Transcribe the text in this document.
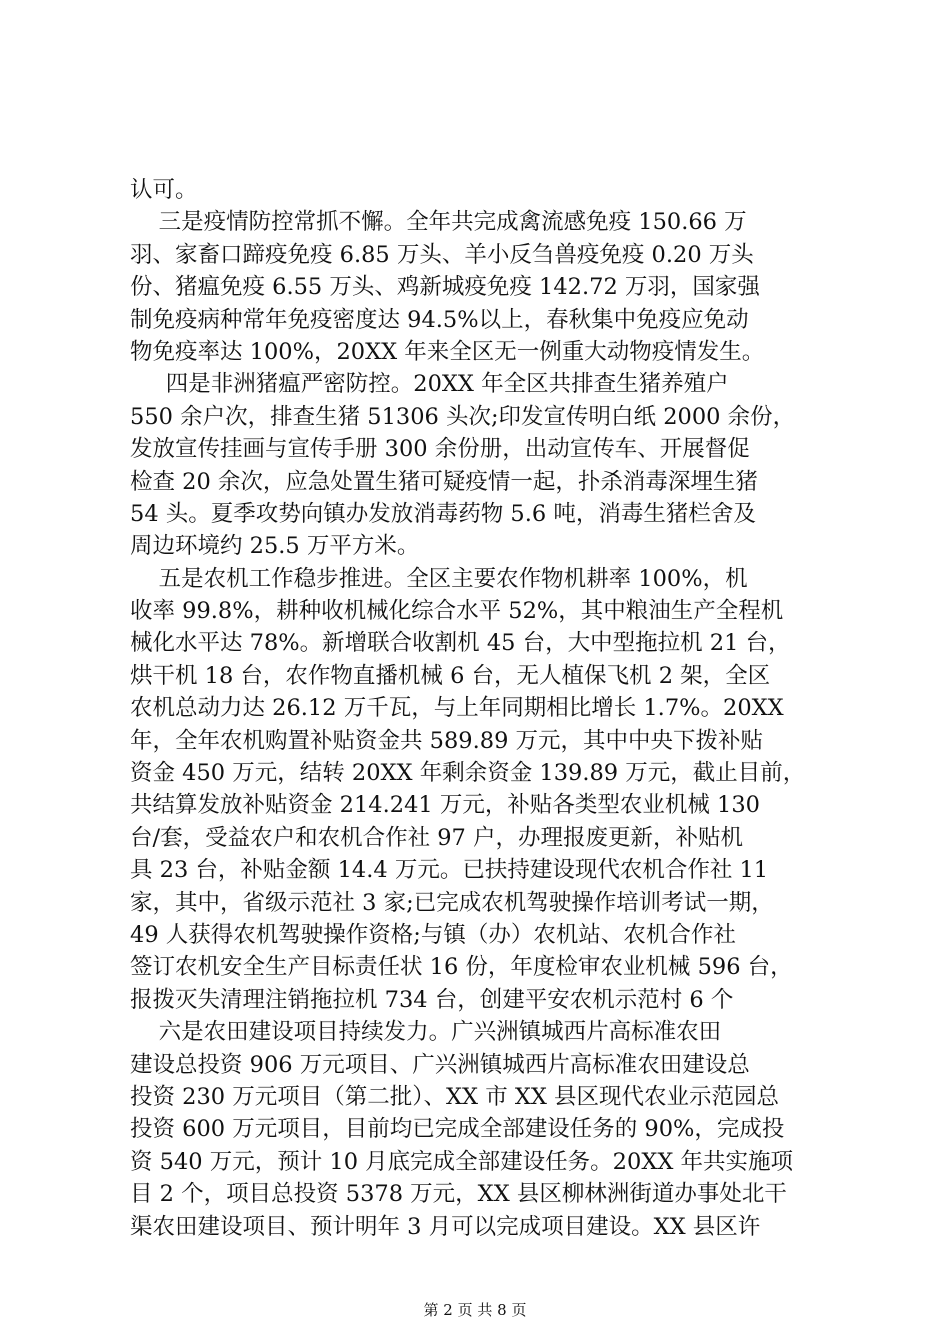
认可。
三是疫情防控常抓不懈。全年共完成禽流感免疫 150.66 万
羽、家畜口蹄疫免疫 6.85 万头、羊小反刍兽疫免疫 0.20 万头
份、猪瘟免疫 6.55 万头、鸡新城疫免疫 142.72 万羽，国家强
制免疫病种常年免疫密度达 94.5%以上，春秋集中免疫应免动
物免疫率达 100%，20XX 年来全区无一例重大动物疫情发生。
四是非洲猪瘟严密防控。20XX 年全区共排查生猪养殖户
550 余户次，排查生猪 51306 头次;印发宣传明白纸 2000 余份，
发放宣传挂画与宣传手册 300 余份册，出动宣传车、开展督促
检查 20 余次，应急处置生猪可疑疫情一起，扑杀消毒深埋生猪
54 头。夏季攻势向镇办发放消毒药物 5.6 吨，消毒生猪栏舍及
周边环境约 25.5 万平方米。
五是农机工作稳步推进。全区主要农作物机耕率 100%，机
收率 99.8%，耕种收机械化综合水平 52%，其中粮油生产全程机
械化水平达 78%。新增联合收割机 45 台，大中型拖拉机 21 台，
烘干机 18 台，农作物直播机械 6 台，无人植保飞机 2 架，全区
农机总动力达 26.12 万千瓦，与上年同期相比增长 1.7%。20XX
年，全年农机购置补贴资金共 589.89 万元，其中中央下拨补贴
资金 450 万元，结转 20XX 年剩余资金 139.89 万元，截止目前，
共结算发放补贴资金 214.241 万元，补贴各类型农业机械 130
台/套，受益农户和农机合作社 97 户，办理报废更新，补贴机
具 23 台，补贴金额 14.4 万元。已扶持建设现代农机合作社 11
家，其中，省级示范社 3 家;已完成农机驾驶操作培训考试一期，
49 人获得农机驾驶操作资格;与镇（办）农机站、农机合作社
签订农机安全生产目标责任状 16 份，年度检审农业机械 596 台，
报拨灭失清理注销拖拉机 734 台，创建平安农机示范村 6 个
六是农田建设项目持续发力。广兴洲镇城西片高标准农田
建设总投资 906 万元项目、广兴洲镇城西片高标准农田建设总
投资 230 万元项目（第二批）、XX 市 XX 县区现代农业示范园总
投资 600 万元项目，目前均已完成全部建设任务的 90%，完成投
资 540 万元，预计 10 月底完成全部建设任务。20XX 年共实施项
目 2 个，项目总投资 5378 万元，XX 县区柳林洲街道办事处北干
渠农田建设项目、预计明年 3 月可以完成项目建设。XX 县区许
第 2 页 共 8 页
